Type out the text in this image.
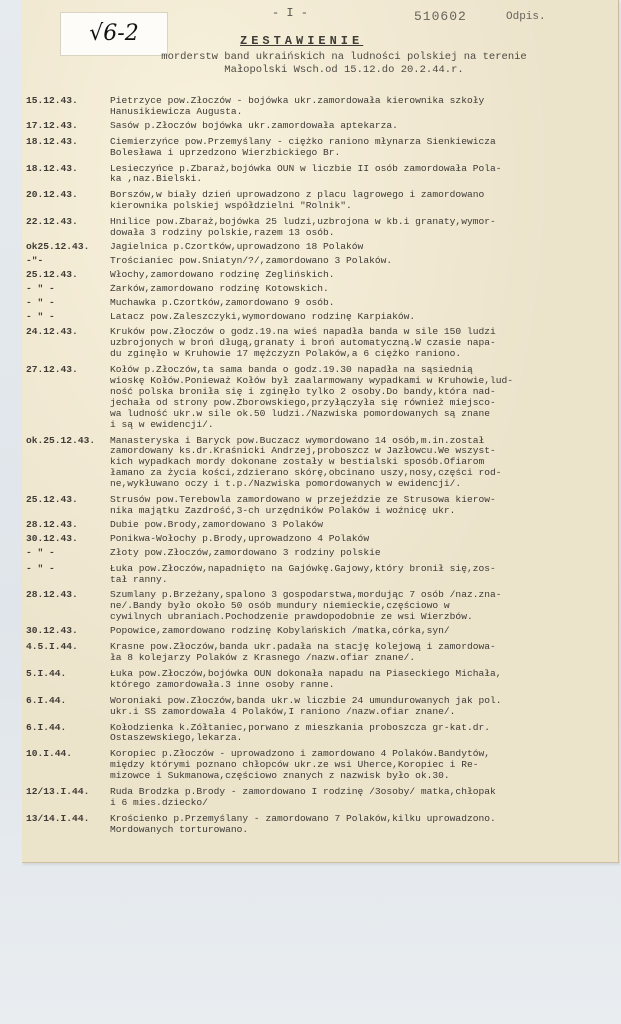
√6-2
- I -	510602	Odpis.
ZESTAWIENIE
morderstw band ukraińskich na ludności polskiej na terenie
Małopolski Wsch.od 15.12.do 20.2.44.r.
15.12.43.	Pietrzyce pow.Złoczów - bojówka ukr.zamordowała kierownika szkoły
Hanusikiewicza Augusta.
17.12.43.	Sasów p.Złoczów bojówka ukr.zamordowała aptekarza.
18.12.43.	Ciemierzyńce pow.Przemyślany - ciężko raniono młynarza Sienkiewicza
Bolesława i uprzedzono Wierzbickiego Br.
18.12.43.	Lesieczyńce p.Zbaraż,bojówka OUN w liczbie II osób zamordowała Pola-
ka ,naz.Bielski.
20.12.43.	Borszów,w biały dzień uprowadzono z placu lagrowego i zamordowano
kierownika polskiej współdzielni "Rolnik".
22.12.43.	Hnilice pow.Zbaraż,bojówka 25 ludzi,uzbrojona w kb.i granaty,wymor-
dowała 3 rodziny polskie,razem 13 osób.
ok25.12.43.	Jagielnica p.Czortków,uprowadzono 18 Polaków
-"-	Trościaniec pow.Śniatyn/?/,zamordowano 3 Polaków.
25.12.43.	Włochy,zamordowano rodzinę Zeglińskich.
- " -	Żarków,zamordowano rodzinę Kotowskich.
- " -	Muchawka p.Czortków,zamordowano 9 osób.
- " -	Latacz pow.Zaleszczyki,wymordowano rodzinę Karpiaków.
24.12.43.	Kruków pow.Złoczów o godz.19.na wieś napadła banda w sile 150 ludzi
uzbrojonych w broń długą,granaty i broń automatyczną.W czasie napa-
du zginęło w Kruhowie 17 mężczyzn Polaków,a 6 ciężko raniono.
27.12.43.	Kołów p.Złoczów,ta sama banda o godz.19.30 napadła na sąsiednią
wioskę Kołów.Ponieważ Kołów był zaalarmowany wypadkami w Kruhowie,lud-
ność polska broniła się i zginęło tylko 2 osoby.Do bandy,która nad-
jechała od strony pow.Zborowskiego,przyłączyła się również miejsco-
wa ludność ukr.w sile ok.50 ludzi./Nazwiska pomordowanych są znane
i są w ewidencji/.
ok.25.12.43.	Manasteryska i Baryck pow.Buczacz wymordowano 14 osób,m.in.został
zamordowany ks.dr.Kraśnicki Andrzej,proboszcz w Jazłowcu.We wszyst-
kich wypadkach mordy dokonane zostały w bestialski sposób.Ofiarom
łamano za życia kości,zdzierano skórę,obcinano uszy,nosy,części rod-
ne,wykłuwano oczy i t.p./Nazwiska pomordowanych w ewidencji/.
25.12.43.	Strusów pow.Terebowla zamordowano w przejeździe ze Strusowa kierow-
nika majątku Zazdrość,3-ch urzędników Polaków i woźnicę ukr.
28.12.43.	Dubie pow.Brody,zamordowano 3 Polaków
30.12.43.	Ponikwa-Wołochy p.Brody,uprowadzono 4 Polaków
- " -	Złoty pow.Złoczów,zamordowano 3 rodziny polskie
- " -	Łuka pow.Złoczów,napadnięto na Gajówkę.Gajowy,który bronił się,zos-
tał ranny.
28.12.43.	Szumlany p.Brzeżany,spalono 3 gospodarstwa,mordując 7 osób /naz.zna-
ne/.Bandy było około 50 osób mundury niemieckie,częściowo w
cywilnych ubraniach.Pochodzenie prawdopodobnie ze wsi Wierzbów.
30.12.43.	Popowice,zamordowano rodzinę Kobylańskich /matka,córka,syn/
4.5.I.44.	Krasne pow.Złoczów,banda ukr.padała na stację kolejową i zamordowa-
ła 8 kolejarzy Polaków z Krasnego /nazw.ofiar znane/.
5.I.44.	Łuka pow.Złoczów,bojówka OUN dokonała napadu na Piaseckiego Michała,
którego zamordowała.3 inne osoby ranne.
6.I.44.	Woroniaki pow.Złoczów,banda ukr.w liczbie 24 umundurowanych jak pol.
ukr.i SS zamordowała 4 Polaków,I raniono /nazw.ofiar znane/.
6.I.44.	Kołodzienka k.Zółtaniec,porwano z mieszkania proboszcza gr-kat.dr.
Ostaszewskiego,lekarza.
10.I.44.	Koropiec p.Złoczów - uprowadzono i zamordowano 4 Polaków.Bandytów,
między którymi poznano chłopców ukr.ze wsi Uherce,Koropiec i Re-
mizowce i Sukmanowa,częściowo znanych z nazwisk było ok.30.
12/13.I.44.	Ruda Brodzka p.Brody - zamordowano I rodzinę /3osoby/ matka,chłopak
i 6 mies.dziecko/
13/14.I.44.	Krościenko p.Przemyślany - zamordowano 7 Polaków,kilku uprowadzono.
Mordowanych torturowano.
